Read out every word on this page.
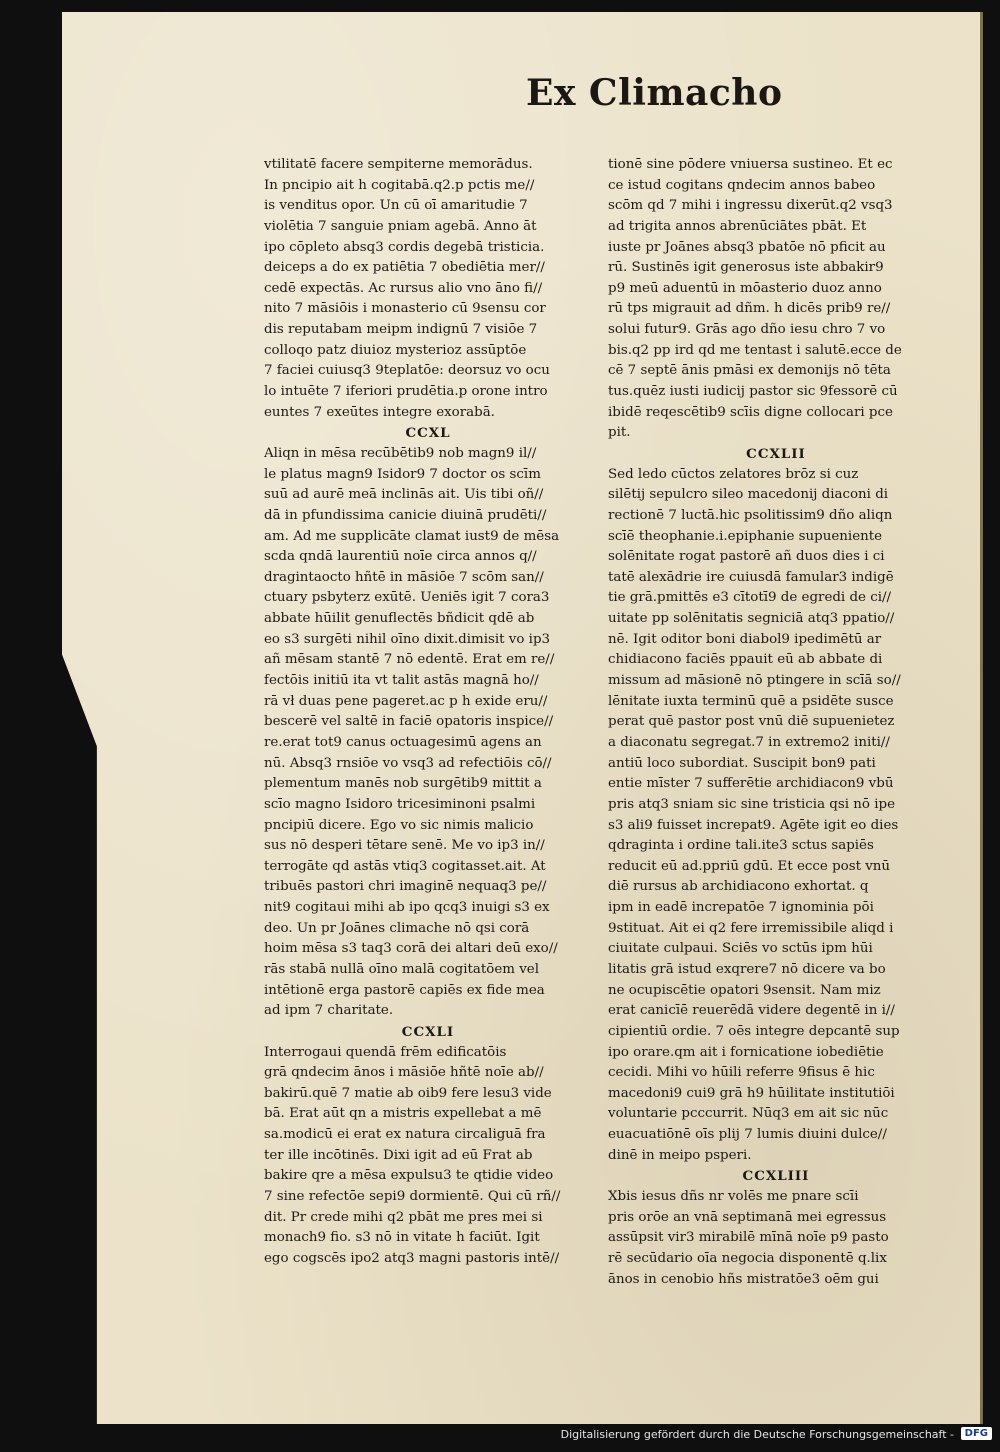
Ex Climacho
vtilitatē facere sempiterne memorādus.
In pncipio ait h cogitabā.q2.p pctis me//
is venditus opor. Un cū oī amaritudie 7
violētia 7 sanguie pniam agebā. Anno āt
ipo cōpleto absq3 cordis degebā tristicia.
deiceps a do ex patiētia 7 obediētia mer//
cedē expectās. Ac rursus alio vno āno fi//
nito 7 māsiōis i monasterio cū 9sensu cor
dis reputabam meipm indignū 7 visiōe 7
colloqo patz diuioz mysterioz assūptōe
7 faciei cuiusq3 9teplatōe: deorsuz vo ocu
lo intuēte 7 iferiori prudētia.p orone intro
euntes 7 exeūtes integre exorabā.
CCXL
Aliqn in mēsa recūbētib9 nob magn9 il//
le platus magn9 Isidor9 7 doctor os scīm
suū ad aurē meā inclinās ait. Uis tibi oñ//
dā in pfundissima canicie diuinā prudēti//
am. Ad me supplicāte clamat iust9 de mēsa
scda qndā laurentiū noīe circa annos q//
dragintaocto hñtē in māsiōe 7 scōm san//
ctuary psbyterz exūtē. Ueniēs igit 7 cora3
abbate hūilit genuflectēs bñdicit qdē ab
eo s3 surgēti nihil oīno dixit.dimisit vo ip3
añ mēsam stantē 7 nō edentē. Erat em re//
fectōis initiū ita vt talit astās magnā ho//
rā vł duas pene pageret.ac p h exide eru//
bescerē vel saltē in faciē opatoris inspice//
re.erat tot9 canus octuagesimū agens an
nū. Absq3 rnsiōe vo vsq3 ad refectiōis cō//
plementum manēs nob surgētib9 mittit a
scīo magno Isidoro tricesiminoni psalmi
pncipiū dicere. Ego vo sic nimis malicio
sus nō desperi tētare senē. Me vo ip3 in//
terrogāte qd astās vtiq3 cogitasset.ait. At
tribuēs pastori chri imaginē nequaq3 pe//
nit9 cogitaui mihi ab ipo qcq3 inuigi s3 ex
deo. Un pr Joānes climache nō qsi corā
hoim mēsa s3 taq3 corā dei altari deū exo//
rās stabā nullā oīno malā cogitatōem vel
intētionē erga pastorē capiēs ex fide mea
ad ipm 7 charitate.
CCXLI
Interrogaui quendā frēm edificatōis
grā qndecim ānos i māsiōe hñtē noīe ab//
bakirū.quē 7 matie ab oib9 fere lesu3 vide
bā. Erat aūt qn a mistris expellebat a mē
sa.modicū ei erat ex natura circaliguā fra
ter ille incōtinēs. Dixi igit ad eū Frat ab
bakire qre a mēsa expulsu3 te qtidie video
7 sine refectōe sepi9 dormientē. Qui cū rñ//
dit. Pr crede mihi q2 pbāt me pres mei si
monach9 fio. s3 nō in vitate h faciūt. Igit
ego cogscēs ipo2 atq3 magni pastoris intē//
tionē sine pōdere vniuersa sustineo. Et ec
ce istud cogitans qndecim annos babeo
scōm qd 7 mihi i ingressu dixerūt.q2 vsq3
ad trigita annos abrenūciātes pbāt. Et
iuste pr Joānes absq3 pbatōe nō pficit au
rū. Sustinēs igit generosus iste abbakir9
p9 meū aduentū in mōasterio duoz anno
rū tps migrauit ad dñm. h dicēs prib9 re//
solui futur9. Grās ago dño iesu chro 7 vo
bis.q2 pp ird qd me tentast i salutē.ecce de
cē 7 septē ānis pmāsi ex demonijs nō tēta
tus.quēz iusti iudicij pastor sic 9fessorē cū
ibidē reqescētib9 scīis digne collocari pce
pit.
CCXLII
Sed ledo cūctos zelatores brōz si cuz
silētij sepulcro sileo macedonij diaconi di
rectionē 7 luctā.hic psolitissim9 dño aliqn
scīē theophanie.i.epiphanie supueniente
solēnitate rogat pastorē añ duos dies i ci
tatē alexādrie ire cuiusdā famular3 indigē
tie grā.pmittēs e3 cītotī9 de egredi de ci//
uitate pp solēnitatis segniciā atq3 ppatio//
nē. Igit oditor boni diabol9 ipedimētū ar
chidiacono faciēs ppauit eū ab abbate di
missum ad māsionē nō ptingere in scīā so//
lēnitate iuxta terminū quē a psidēte susce
perat quē pastor post vnū diē supuenietez
a diaconatu segregat.7 in extremo2 initi//
antiū loco subordiat. Suscipit bon9 pati
entie mīster 7 sufferētie archidiacon9 vbū
pris atq3 sniam sic sine tristicia qsi nō ipe
s3 ali9 fuisset increpat9. Agēte igit eo dies
qdraginta i ordine tali.ite3 sctus sapiēs
reducit eū ad.ppriū gdū. Et ecce post vnū
diē rursus ab archidiacono exhortat. q
ipm in eadē increpatōe 7 ignominia pōi
9stituat. Ait ei q2 fere irremissibile aliqd i
ciuitate culpaui. Sciēs vo sctūs ipm hūi
litatis grā istud exqrere7 nō dicere va bo
ne ocupiscētie opatori 9sensit. Nam miz
erat canicīē reuerēdā videre degentē in i//
cipientiū ordie. 7 oēs integre depcantē sup
ipo orare.qm ait i fornicatione iobediētie
cecidi. Mihi vo hūili referre 9fisus ē hic
macedoni9 cui9 grā h9 hūilitate institutiōi
voluntarie pcccurrit. Nūq3 em ait sic nūc
euacuatiōnē oīs plij 7 lumis diuini dulce//
dinē in meipo psperi.
CCXLIII
Xbis iesus dñs nr volēs me pnare scīi
pris orōe an vnā septimanā mei egressus
assūpsit vir3 mirabilē mīnā noīe p9 pasto
rē secūdario oīa negocia disponentē q.lix
ānos in cenobio hñs mistratōe3 oēm gui
Digitalisierung gefördert durch die Deutsche Forschungsgemeinschaft -	DFG
